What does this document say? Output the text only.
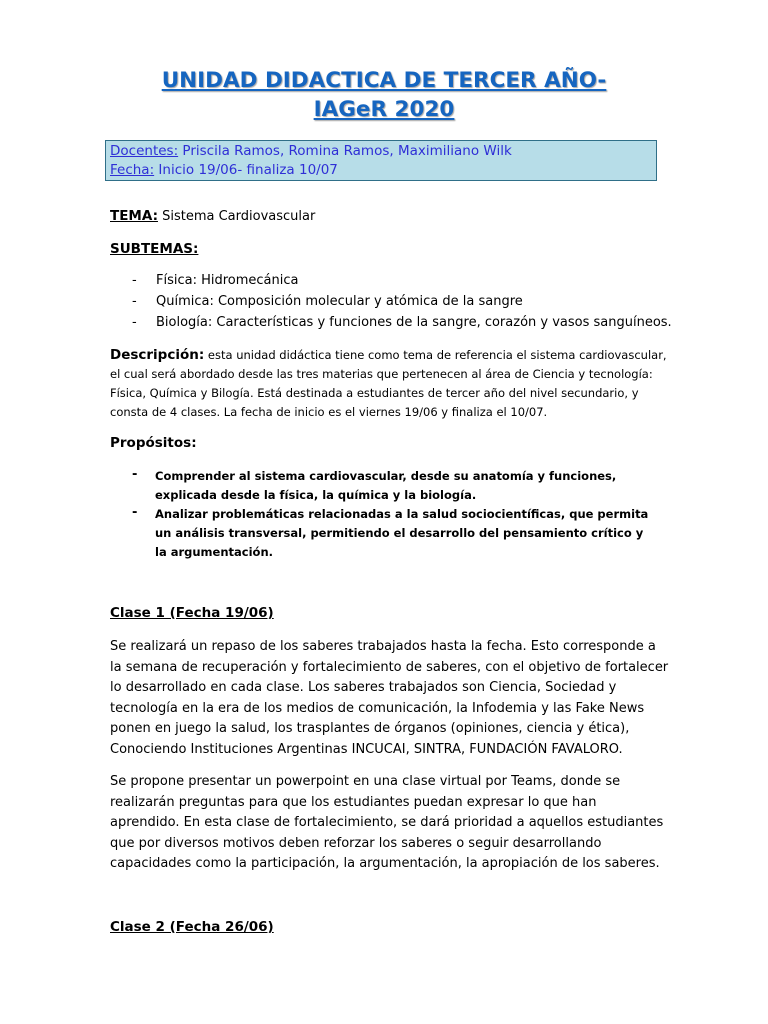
UNIDAD DIDACTICA DE TERCER AÑO-
IAGeR 2020
Docentes: Priscila Ramos, Romina Ramos, Maximiliano Wilk
Fecha: Inicio 19/06- finaliza 10/07
TEMA: Sistema Cardiovascular
SUBTEMAS:
- Física: Hidromecánica
- Química: Composición molecular y atómica de la sangre
- Biología: Características y funciones de la sangre, corazón y vasos sanguíneos.
Descripción: esta unidad didáctica tiene como tema de referencia el sistema cardiovascular, el cual será abordado desde las tres materias que pertenecen al área de Ciencia y tecnología: Física, Química y Bilogía. Está destinada a estudiantes de tercer año del nivel secundario, y consta de 4 clases. La fecha de inicio es el viernes 19/06 y finaliza el 10/07.
Propósitos:
- Comprender al sistema cardiovascular, desde su anatomía y funciones, explicada desde la física, la química y la biología.
- Analizar problemáticas relacionadas a la salud sociocientíficas, que permita un análisis transversal, permitiendo el desarrollo del pensamiento crítico y la argumentación.
Clase 1 (Fecha 19/06)
Se realizará un repaso de los saberes trabajados hasta la fecha. Esto corresponde a la semana de recuperación y fortalecimiento de saberes, con el objetivo de fortalecer lo desarrollado en cada clase. Los saberes trabajados son Ciencia, Sociedad y tecnología en la era de los medios de comunicación, la Infodemia y las Fake News ponen en juego la salud, los trasplantes de órganos (opiniones, ciencia y ética), Conociendo Instituciones Argentinas INCUCAI, SINTRA, FUNDACIÓN FAVALORO.
Se propone presentar un powerpoint en una clase virtual por Teams, donde se realizarán preguntas para que los estudiantes puedan expresar lo que han aprendido. En esta clase de fortalecimiento, se dará prioridad a aquellos estudiantes que por diversos motivos deben reforzar los saberes o seguir desarrollando capacidades como la participación, la argumentación, la apropiación de los saberes.
Clase 2 (Fecha 26/06)
